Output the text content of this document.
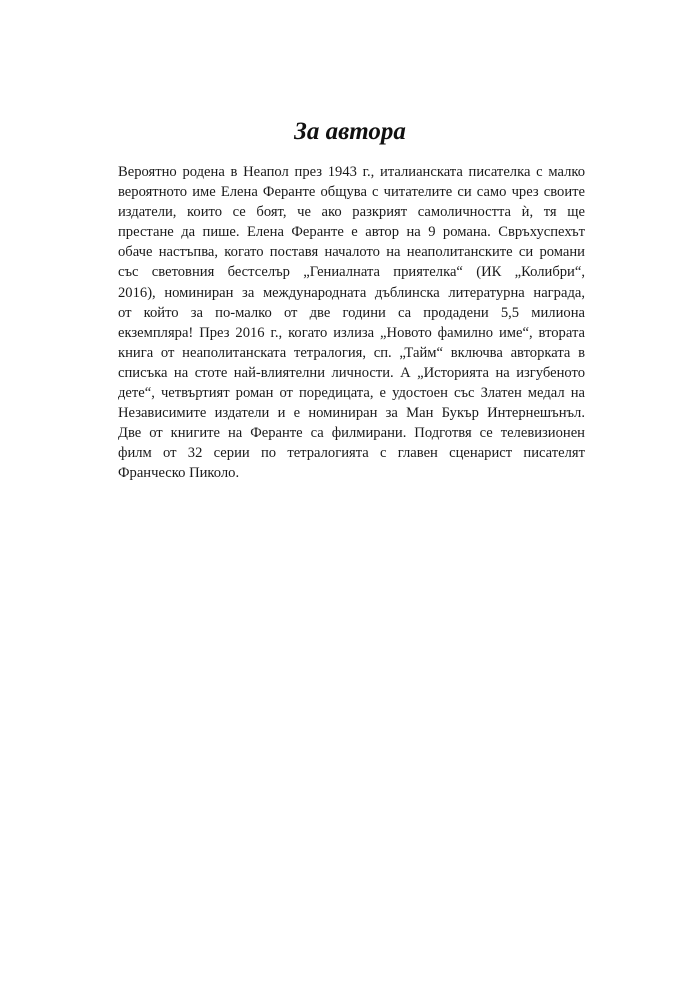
За автора
Вероятно родена в Неапол през 1943 г., италианската писателка с малко
вероятното име Елена Феранте общува с читателите си само чрез своите
издатели, които се боят, че ако разкрият самоличността ѝ, тя ще
престане да пише. Елена Феранте е автор на 9 романа. Свръхуспехът
обаче настъпва, когато поставя началото на неаполитанските си романи
със световния бестселър „Гениалната приятелка“ (ИК „Колибри“,
2016), номиниран за международната дъблинска литературна награда,
от който за по-малко от две години са продадени 5,5 милиона
екземпляра! През 2016 г., когато излиза „Новото фамилно име“, втората
книга от неаполитанската тетралогия, сп. „Тайм“ включва авторката в
списъка на стоте най-влиятелни личности. А „Историята на изгубеното
дете“, четвъртият роман от поредицата, е удостоен със Златен медал на
Независимите издатели и е номиниран за Ман Букър Интернешънъл.
Две от книгите на Феранте са филмирани. Подготвя се телевизионен
филм от 32 серии по тетралогията с главен сценарист писателят
Франческо Пиколо.
